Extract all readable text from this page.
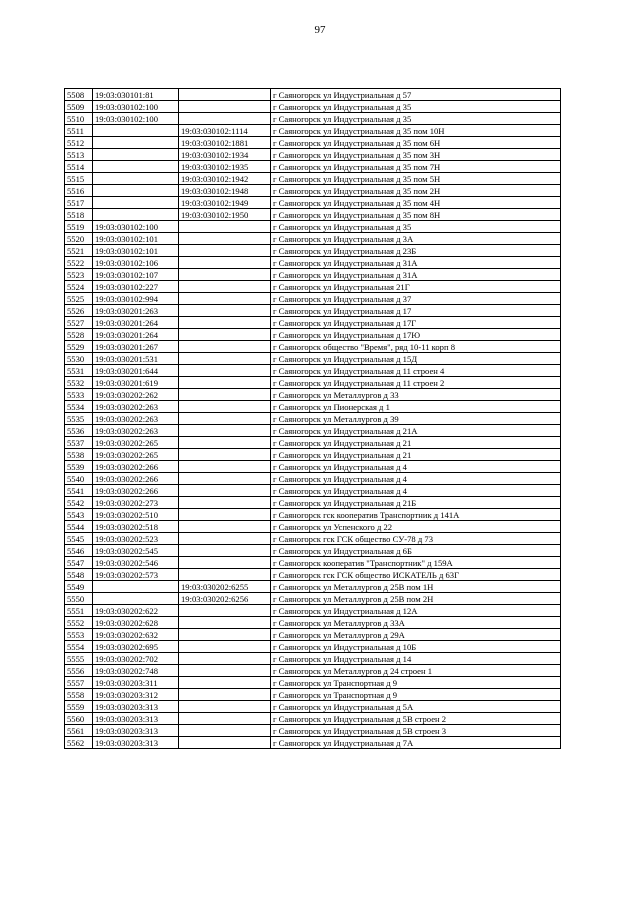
97
5508	19:03:030101:81		г Саяногорск ул Индустриальная д 57
5509	19:03:030102:100		г Саяногорск ул Индустриальная д 35
5510	19:03:030102:100		г Саяногорск ул Индустриальная д 35
5511		19:03:030102:1114	г Саяногорск ул Индустриальная д 35 пом 10Н
5512		19:03:030102:1881	г Саяногорск ул Индустриальная д 35 пом 6Н
5513		19:03:030102:1934	г Саяногорск ул Индустриальная д 35 пом 3Н
5514		19:03:030102:1935	г Саяногорск ул Индустриальная д 35 пом 7Н
5515		19:03:030102:1942	г Саяногорск ул Индустриальная д 35 пом 5Н
5516		19:03:030102:1948	г Саяногорск ул Индустриальная д 35 пом 2Н
5517		19:03:030102:1949	г Саяногорск ул Индустриальная д 35 пом 4Н
5518		19:03:030102:1950	г Саяногорск ул Индустриальная д 35 пом 8Н
5519	19:03:030102:100		г Саяногорск ул Индустриальная д 35
5520	19:03:030102:101		г Саяногорск ул Индустриальная д 3А
5521	19:03:030102:101		г Саяногорск ул Индустриальная д 23Б
5522	19:03:030102:106		г Саяногорск ул Индустриальная д 31А
5523	19:03:030102:107		г Саяногорск ул Индустриальная д 31А
5524	19:03:030102:227		г Саяногорск ул Индустриальная 21Г
5525	19:03:030102:994		г Саяногорск ул Индустриальная д 37
5526	19:03:030201:263		г Саяногорск ул Индустриальная д 17
5527	19:03:030201:264		г Саяногорск ул Индустриальная д 17Г
5528	19:03:030201:264		г Саяногорск ул Индустриальная д 17Ю
5529	19:03:030201:267		г Саяногорск общество "Время", ряд 10-11 корп 8
5530	19:03:030201:531		г Саяногорск ул Индустриальная д 15Д
5531	19:03:030201:644		г Саяногорск ул Индустриальная д 11 строен 4
5532	19:03:030201:619		г Саяногорск ул Индустриальная д 11 строен 2
5533	19:03:030202:262		г Саяногорск ул Металлургов д 33
5534	19:03:030202:263		г Саяногорск ул Пионерская д 1
5535	19:03:030202:263		г Саяногорск ул Металлургов д 39
5536	19:03:030202:263		г Саяногорск ул Индустриальная д 21А
5537	19:03:030202:265		г Саяногорск ул Индустриальная д 21
5538	19:03:030202:265		г Саяногорск ул Индустриальная д 21
5539	19:03:030202:266		г Саяногорск ул Индустриальная д 4
5540	19:03:030202:266		г Саяногорск ул Индустриальная д 4
5541	19:03:030202:266		г Саяногорск ул Индустриальная д 4
5542	19:03:030202:273		г Саяногорск ул Индустриальная д 21Б
5543	19:03:030202:510		г Саяногорск гск кооператив Транспортник д 141А
5544	19:03:030202:518		г Саяногорск ул Успенского д 22
5545	19:03:030202:523		г Саяногорск гск ГСК общество СУ-78 д 73
5546	19:03:030202:545		г Саяногорск ул Индустриальная д 6Б
5547	19:03:030202:546		г Саяногорск кооператив "Транспортник" д 159А
5548	19:03:030202:573		г Саяногорск гск ГСК общество ИСКАТЕЛЬ д 63Г
5549		19:03:030202:6255	г Саяногорск ул Металлургов д 25В пом 1Н
5550		19:03:030202:6256	г Саяногорск ул Металлургов д 25В пом 2Н
5551	19:03:030202:622		г Саяногорск ул Индустриальная д 12А
5552	19:03:030202:628		г Саяногорск ул Металлургов д 33А
5553	19:03:030202:632		г Саяногорск ул Металлургов д 29А
5554	19:03:030202:695		г Саяногорск ул Индустриальная д 10Б
5555	19:03:030202:702		г Саяногорск ул Индустриальная д 14
5556	19:03:030202:748		г Саяногорск ул Металлургов д 24 строен 1
5557	19:03:030203:311		г Саяногорск ул Транспортная д 9
5558	19:03:030203:312		г Саяногорск ул Транспортная д 9
5559	19:03:030203:313		г Саяногорск ул Индустриальная д 5А
5560	19:03:030203:313		г Саяногорск ул Индустриальная д 5В строен 2
5561	19:03:030203:313		г Саяногорск ул Индустриальная д 5В строен 3
5562	19:03:030203:313		г Саяногорск ул Индустриальная д 7А
